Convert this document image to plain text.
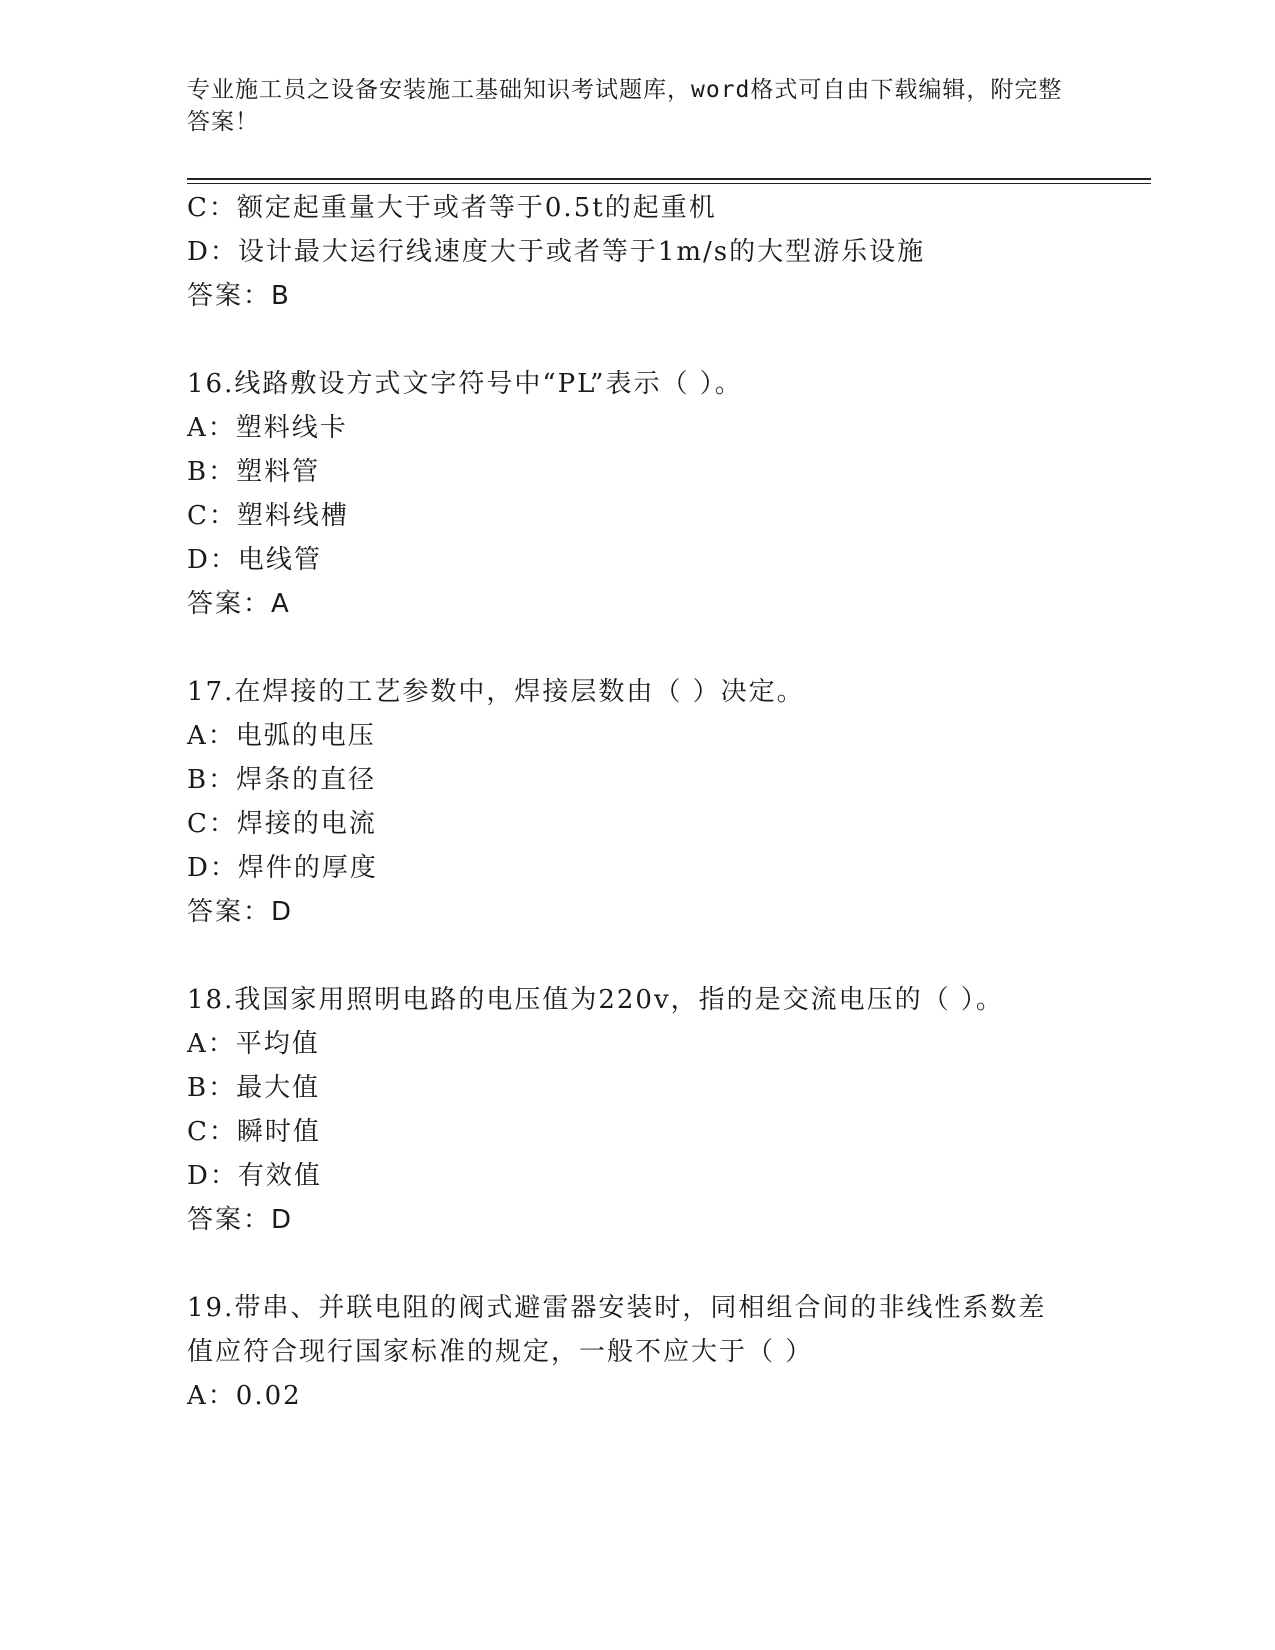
专业施工员之设备安装施工基础知识考试题库，word格式可自由下载编辑，附完整答案！
C：额定起重量大于或者等于0.5t的起重机
D：设计最大运行线速度大于或者等于1m/s的大型游乐设施
答案：B
16.线路敷设方式文字符号中“PL”表示（ ）。
A：塑料线卡
B：塑料管
C：塑料线槽
D：电线管
答案：A
17.在焊接的工艺参数中，焊接层数由（ ）决定。
A：电弧的电压
B：焊条的直径
C：焊接的电流
D：焊件的厚度
答案：D
18.我国家用照明电路的电压值为220v，指的是交流电压的（ ）。
A：平均值
B：最大值
C：瞬时值
D：有效值
答案：D
19.带串、并联电阻的阀式避雷器安装时，同相组合间的非线性系数差
值应符合现行国家标准的规定，一般不应大于（ ）
A：0.02
